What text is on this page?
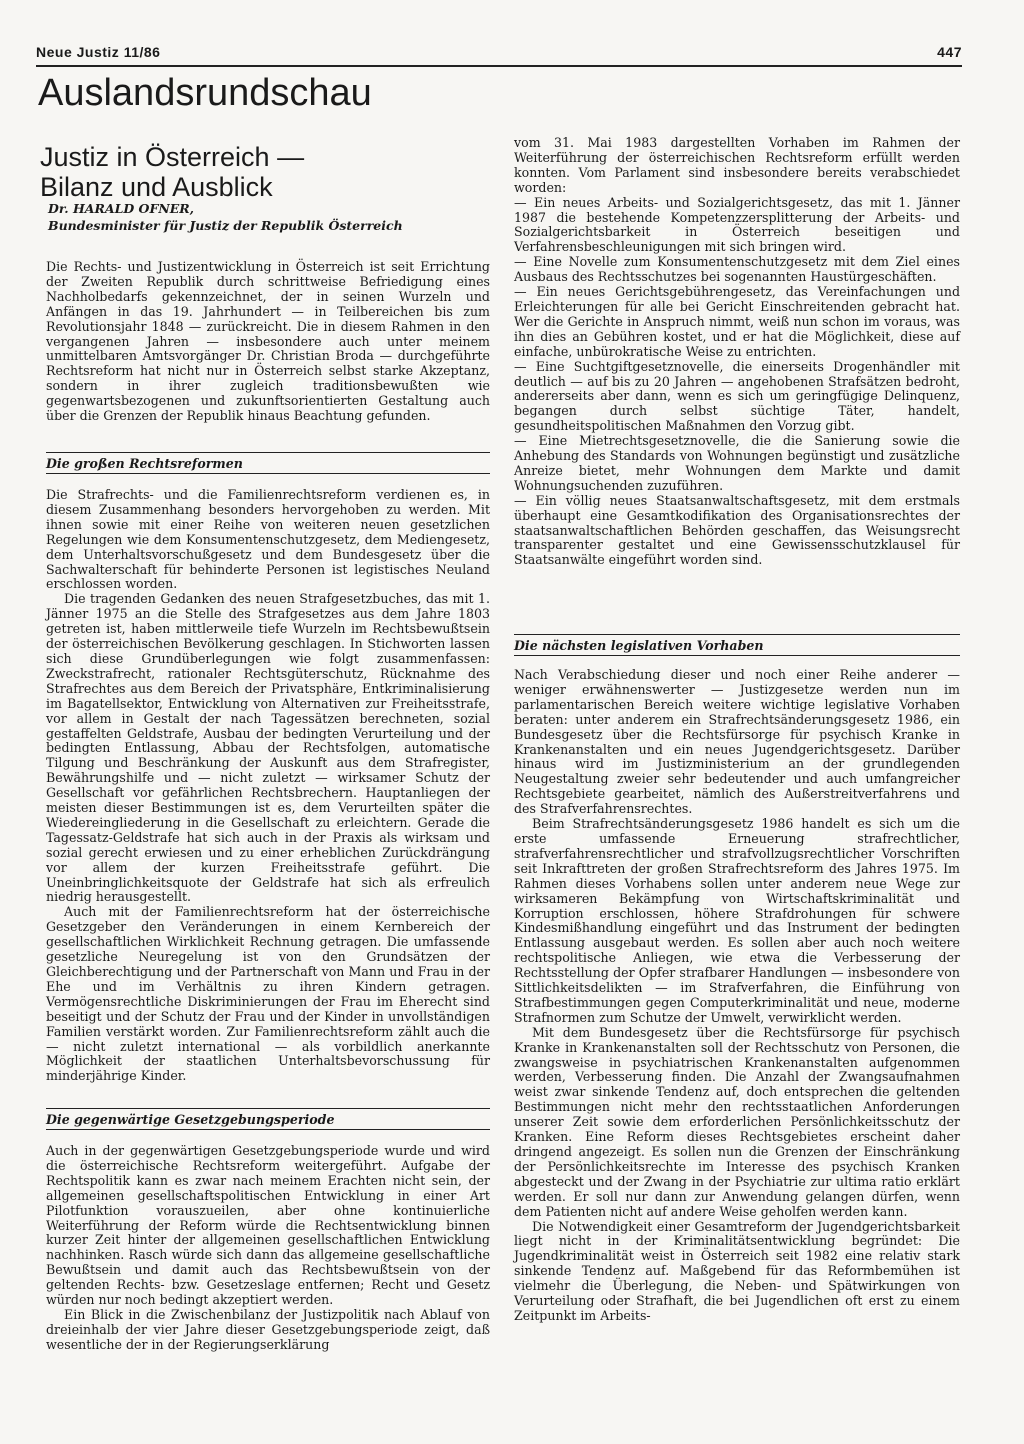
Neue Justiz 11/86	447
Auslandsrundschau
Justiz in Österreich —
Bilanz und Ausblick
Dr. HARALD OFNER,
Bundesminister für Justiz der Republik Österreich

Die Rechts- und Justizentwicklung in Österreich ist seit Errichtung der Zweiten Republik durch schrittweise Befriedigung eines Nachholbedarfs gekennzeichnet, der in seinen Wurzeln und Anfängen in das 19. Jahrhundert — in Teilbereichen bis zum Revolutionsjahr 1848 — zurückreicht. Die in diesem Rahmen in den vergangenen Jahren — insbesondere auch unter meinem unmittelbaren Amtsvorgänger Dr. Christian Broda — durchgeführte Rechtsreform hat nicht nur in Österreich selbst starke Akzeptanz, sondern in ihrer zugleich traditionsbewußten wie gegenwartsbezogenen und zukunftsorientierten Gestaltung auch über die Grenzen der Republik hinaus Beachtung gefunden.

Die großen Rechtsreformen

Die Strafrechts- und die Familienrechtsreform verdienen es, in diesem Zusammenhang besonders hervorgehoben zu werden. Mit ihnen sowie mit einer Reihe von weiteren neuen gesetzlichen Regelungen wie dem Konsumentenschutzgesetz, dem Mediengesetz, dem Unterhaltsvorschußgesetz und dem Bundesgesetz über die Sachwalterschaft für behinderte Personen ist legistisches Neuland erschlossen worden.

Die tragenden Gedanken des neuen Strafgesetzbuches, das mit 1. Jänner 1975 an die Stelle des Strafgesetzes aus dem Jahre 1803 getreten ist, haben mittlerweile tiefe Wurzeln im Rechtsbewußtsein der österreichischen Bevölkerung geschlagen. In Stichworten lassen sich diese Grundüberlegungen wie folgt zusammenfassen: Zweckstrafrecht, rationaler Rechtsgüterschutz, Rücknahme des Strafrechtes aus dem Bereich der Privatsphäre, Entkriminalisierung im Bagatellsektor, Entwicklung von Alternativen zur Freiheitsstrafe, vor allem in Gestalt der nach Tagessätzen berechneten, sozial gestaffelten Geldstrafe, Ausbau der bedingten Verurteilung und der bedingten Entlassung, Abbau der Rechtsfolgen, automatische Tilgung und Beschränkung der Auskunft aus dem Strafregister, Bewährungshilfe und — nicht zuletzt — wirksamer Schutz der Gesellschaft vor gefährlichen Rechtsbrechern. Hauptanliegen der meisten dieser Bestimmungen ist es, dem Verurteilten später die Wiedereingliederung in die Gesellschaft zu erleichtern. Gerade die Tagessatz-Geldstrafe hat sich auch in der Praxis als wirksam und sozial gerecht erwiesen und zu einer erheblichen Zurückdrängung vor allem der kurzen Freiheitsstrafe geführt. Die Uneinbringlichkeitsquote der Geldstrafe hat sich als erfreulich niedrig herausgestellt.

Auch mit der Familienrechtsreform hat der österreichische Gesetzgeber den Veränderungen in einem Kernbereich der gesellschaftlichen Wirklichkeit Rechnung getragen. Die umfassende gesetzliche Neuregelung ist von den Grundsätzen der Gleichberechtigung und der Partnerschaft von Mann und Frau in der Ehe und im Verhältnis zu ihren Kindern getragen. Vermögensrechtliche Diskriminierungen der Frau im Eherecht sind beseitigt und der Schutz der Frau und der Kinder in unvollständigen Familien verstärkt worden. Zur Familienrechtsreform zählt auch die — nicht zuletzt international — als vorbildlich anerkannte Möglichkeit der staatlichen Unterhaltsbevorschussung für minderjährige Kinder.

Die gegenwärtige Gesetzgebungsperiode

Auch in der gegenwärtigen Gesetzgebungsperiode wurde und wird die österreichische Rechtsreform weitergeführt. Aufgabe der Rechtspolitik kann es zwar nach meinem Erachten nicht sein, der allgemeinen gesellschaftspolitischen Entwicklung in einer Art Pilotfunktion vorauszueilen, aber ohne kontinuierliche Weiterführung der Reform würde die Rechtsentwicklung binnen kurzer Zeit hinter der allgemeinen gesellschaftlichen Entwicklung nachhinken. Rasch würde sich dann das allgemeine gesellschaftliche Bewußtsein und damit auch das Rechtsbewußtsein von der geltenden Rechts- bzw. Gesetzeslage entfernen; Recht und Gesetz würden nur noch bedingt akzeptiert werden.

Ein Blick in die Zwischenbilanz der Justizpolitik nach Ablauf von dreieinhalb der vier Jahre dieser Gesetzgebungsperiode zeigt, daß wesentliche der in der Regierungserklärung

vom 31. Mai 1983 dargestellten Vorhaben im Rahmen der Weiterführung der österreichischen Rechtsreform erfüllt werden konnten. Vom Parlament sind insbesondere bereits verabschiedet worden:

— Ein neues Arbeits- und Sozialgerichtsgesetz, das mit 1. Jänner 1987 die bestehende Kompetenzzersplitterung der Arbeits- und Sozialgerichtsbarkeit in Österreich beseitigen und Verfahrensbeschleunigungen mit sich bringen wird.

— Eine Novelle zum Konsumentenschutzgesetz mit dem Ziel eines Ausbaus des Rechtsschutzes bei sogenannten Haustürgeschäften.

— Ein neues Gerichtsgebührengesetz, das Vereinfachungen und Erleichterungen für alle bei Gericht Einschreitenden gebracht hat. Wer die Gerichte in Anspruch nimmt, weiß nun schon im voraus, was ihn dies an Gebühren kostet, und er hat die Möglichkeit, diese auf einfache, unbürokratische Weise zu entrichten.

— Eine Suchtgiftgesetznovelle, die einerseits Drogenhändler mit deutlich — auf bis zu 20 Jahren — angehobenen Strafsätzen bedroht, andererseits aber dann, wenn es sich um geringfügige Delinquenz, begangen durch selbst süchtige Täter, handelt, gesundheitspolitischen Maßnahmen den Vorzug gibt.

— Eine Mietrechtsgesetznovelle, die die Sanierung sowie die Anhebung des Standards von Wohnungen begünstigt und zusätzliche Anreize bietet, mehr Wohnungen dem Markte und damit Wohnungsuchenden zuzuführen.

— Ein völlig neues Staatsanwaltschaftsgesetz, mit dem erstmals überhaupt eine Gesamtkodifikation des Organisationsrechtes der staatsanwaltschaftlichen Behörden geschaffen, das Weisungsrecht transparenter gestaltet und eine Gewissensschutzklausel für Staatsanwälte eingeführt worden sind.

Die nächsten legislativen Vorhaben

Nach Verabschiedung dieser und noch einer Reihe anderer — weniger erwähnenswerter — Justizgesetze werden nun im parlamentarischen Bereich weitere wichtige legislative Vorhaben beraten: unter anderem ein Strafrechtsänderungsgesetz 1986, ein Bundesgesetz über die Rechtsfürsorge für psychisch Kranke in Krankenanstalten und ein neues Jugendgerichtsgesetz. Darüber hinaus wird im Justizministerium an der grundlegenden Neugestaltung zweier sehr bedeutender und auch umfangreicher Rechtsgebiete gearbeitet, nämlich des Außerstreitverfahrens und des Strafverfahrensrechtes.

Beim Strafrechtsänderungsgesetz 1986 handelt es sich um die erste umfassende Erneuerung strafrechtlicher, strafverfahrensrechtlicher und strafvollzugsrechtlicher Vorschriften seit Inkrafttreten der großen Strafrechtsreform des Jahres 1975. Im Rahmen dieses Vorhabens sollen unter anderem neue Wege zur wirksameren Bekämpfung von Wirtschaftskriminalität und Korruption erschlossen, höhere Strafdrohungen für schwere Kindesmißhandlung eingeführt und das Instrument der bedingten Entlassung ausgebaut werden. Es sollen aber auch noch weitere rechtspolitische Anliegen, wie etwa die Verbesserung der Rechtsstellung der Opfer strafbarer Handlungen — insbesondere von Sittlichkeitsdelikten — im Strafverfahren, die Einführung von Strafbestimmungen gegen Computerkriminalität und neue, moderne Strafnormen zum Schutze der Umwelt, verwirklicht werden.

Mit dem Bundesgesetz über die Rechtsfürsorge für psychisch Kranke in Krankenanstalten soll der Rechtsschutz von Personen, die zwangsweise in psychiatrischen Krankenanstalten aufgenommen werden, Verbesserung finden. Die Anzahl der Zwangsaufnahmen weist zwar sinkende Tendenz auf, doch entsprechen die geltenden Bestimmungen nicht mehr den rechtsstaatlichen Anforderungen unserer Zeit sowie dem erforderlichen Persönlichkeitsschutz der Kranken. Eine Reform dieses Rechtsgebietes erscheint daher dringend angezeigt. Es sollen nun die Grenzen der Einschränkung der Persönlichkeitsrechte im Interesse des psychisch Kranken abgesteckt und der Zwang in der Psychiatrie zur ultima ratio erklärt werden. Er soll nur dann zur Anwendung gelangen dürfen, wenn dem Patienten nicht auf andere Weise geholfen werden kann.

Die Notwendigkeit einer Gesamtreform der Jugendgerichtsbarkeit liegt nicht in der Kriminalitätsentwicklung begründet: Die Jugendkriminalität weist in Österreich seit 1982 eine relativ stark sinkende Tendenz auf. Maßgebend für das Reformbemühen ist vielmehr die Überlegung, die Neben- und Spätwirkungen von Verurteilung oder Strafhaft, die bei Jugendlichen oft erst zu einem Zeitpunkt im Arbeits-
